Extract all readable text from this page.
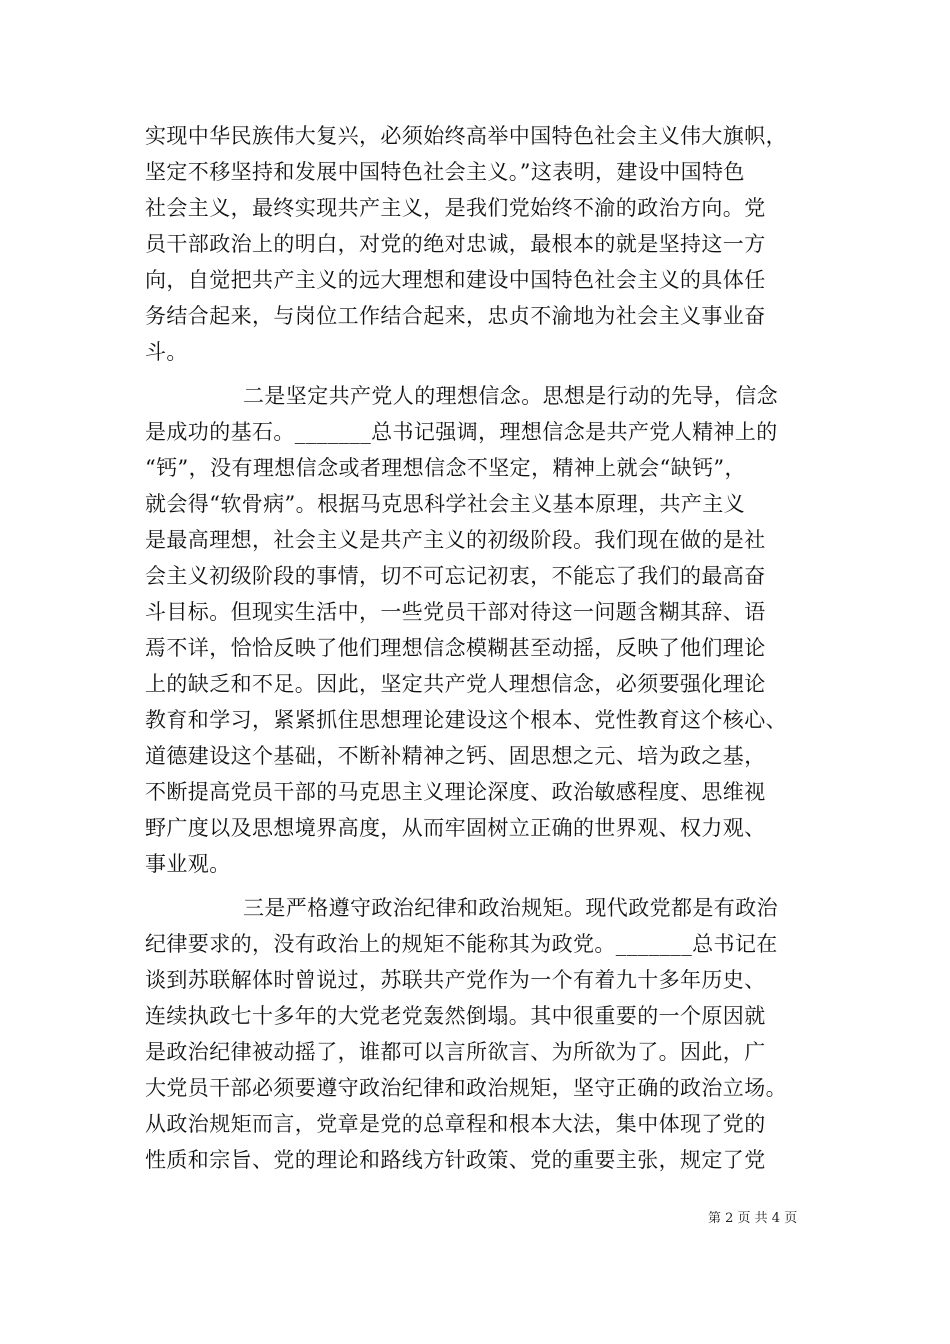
实现中华民族伟大复兴，必须始终高举中国特色社会主义伟大旗帜，
坚定不移坚持和发展中国特色社会主义。”这表明，建设中国特色
社会主义，最终实现共产主义，是我们党始终不渝的政治方向。党
员干部政治上的明白，对党的绝对忠诚，最根本的就是坚持这一方
向，自觉把共产主义的远大理想和建设中国特色社会主义的具体任
务结合起来，与岗位工作结合起来，忠贞不渝地为社会主义事业奋
斗。
二是坚定共产党人的理想信念。思想是行动的先导，信念
是成功的基石。_______总书记强调，理想信念是共产党人精神上的
“钙”，没有理想信念或者理想信念不坚定，精神上就会“缺钙”，
就会得“软骨病”。根据马克思科学社会主义基本原理，共产主义
是最高理想，社会主义是共产主义的初级阶段。我们现在做的是社
会主义初级阶段的事情，切不可忘记初衷，不能忘了我们的最高奋
斗目标。但现实生活中，一些党员干部对待这一问题含糊其辞、语
焉不详，恰恰反映了他们理想信念模糊甚至动摇，反映了他们理论
上的缺乏和不足。因此，坚定共产党人理想信念，必须要强化理论
教育和学习，紧紧抓住思想理论建设这个根本、党性教育这个核心、
道德建设这个基础，不断补精神之钙、固思想之元、培为政之基，
不断提高党员干部的马克思主义理论深度、政治敏感程度、思维视
野广度以及思想境界高度，从而牢固树立正确的世界观、权力观、
事业观。
三是严格遵守政治纪律和政治规矩。现代政党都是有政治
纪律要求的，没有政治上的规矩不能称其为政党。_______总书记在
谈到苏联解体时曾说过，苏联共产党作为一个有着九十多年历史、
连续执政七十多年的大党老党轰然倒塌。其中很重要的一个原因就
是政治纪律被动摇了，谁都可以言所欲言、为所欲为了。因此，广
大党员干部必须要遵守政治纪律和政治规矩，坚守正确的政治立场。
从政治规矩而言，党章是党的总章程和根本大法，集中体现了党的
性质和宗旨、党的理论和路线方针政策、党的重要主张，规定了党
第 2 页 共 4 页
